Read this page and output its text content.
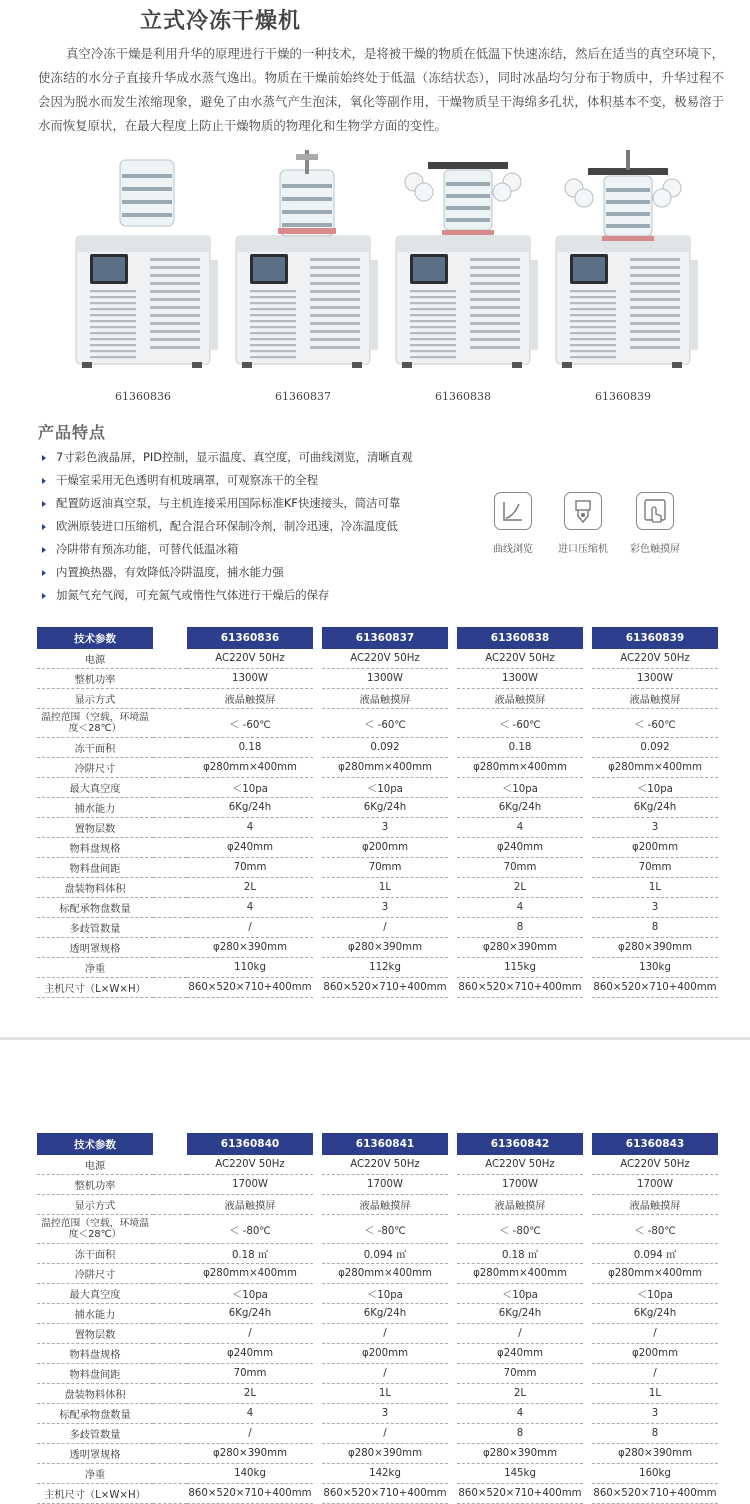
立式冷冻干燥机
真空冷冻干燥是利用升华的原理进行干燥的一种技术，是将被干燥的物质在低温下快速冻结，然后在适当的真空环境下，使冻结的水分子直接升华成水蒸气逸出。物质在干燥前始终处于低温（冻结状态），同时冰晶均匀分布于物质中，升华过程不会因为脱水而发生浓缩现象，避免了由水蒸气产生泡沫，氧化等副作用，干燥物质呈干海绵多孔状，体积基本不变，极易溶于水而恢复原状，在最大程度上防止干燥物质的物理化和生物学方面的变性。
61360836	61360837	61360838	61360839
产品特点
7寸彩色液晶屏，PID控制，显示温度、真空度，可曲线浏览，清晰直观
干燥室采用无色透明有机玻璃罩，可观察冻干的全程
配置防返油真空泵，与主机连接采用国际标准KF快速接头，简洁可靠
欧洲原装进口压缩机，配合混合环保制冷剂，制冷迅速，冷冻温度低
冷阱带有预冻功能，可替代低温冰箱
内置换热器，有效降低冷阱温度，捕水能力强
加氮气充气阀，可充氮气或惰性气体进行干燥后的保存
曲线浏览	进口压缩机	彩色触摸屏
技术参数		61360836		61360837		61360838		61360839
电源		AC220V 50Hz		AC220V 50Hz		AC220V 50Hz		AC220V 50Hz
整机功率		1300W		1300W		1300W		1300W
显示方式		液晶触摸屏		液晶触摸屏		液晶触摸屏		液晶触摸屏
温控范围（空载，环境温度＜28℃）		＜ -60℃		＜ -60℃		＜ -60℃		＜ -60℃
冻干面积		0.18		0.092		0.18		0.092
冷阱尺寸		φ280mm×400mm		φ280mm×400mm		φ280mm×400mm		φ280mm×400mm
最大真空度		＜10pa		＜10pa		＜10pa		＜10pa
捕水能力		6Kg/24h		6Kg/24h		6Kg/24h		6Kg/24h
置物层数		4		3		4		3
物料盘规格		φ240mm		φ200mm		φ240mm		φ200mm
物料盘间距		70mm		70mm		70mm		70mm
盘装物料体积		2L		1L		2L		1L
标配承物盘数量		4		3		4		3
多歧管数量		/		/		8		8
透明罩规格		φ280×390mm		φ280×390mm		φ280×390mm		φ280×390mm
净重		110kg		112kg		115kg		130kg
主机尺寸（L×W×H）		860×520×710+400mm		860×520×710+400mm		860×520×710+400mm		860×520×710+400mm
技术参数		61360840		61360841		61360842		61360843
电源		AC220V 50Hz		AC220V 50Hz		AC220V 50Hz		AC220V 50Hz
整机功率		1700W		1700W		1700W		1700W
显示方式		液晶触摸屏		液晶触摸屏		液晶触摸屏		液晶触摸屏
温控范围（空载，环境温度＜28℃）		＜ -80℃		＜ -80℃		＜ -80℃		＜ -80℃
冻干面积		0.18 ㎡		0.094 ㎡		0.18 ㎡		0.094 ㎡
冷阱尺寸		φ280mm×400mm		φ280mm×400mm		φ280mm×400mm		φ280mm×400mm
最大真空度		＜10pa		＜10pa		＜10pa		＜10pa
捕水能力		6Kg/24h		6Kg/24h		6Kg/24h		6Kg/24h
置物层数		/		/		/		/
物料盘规格		φ240mm		φ200mm		φ240mm		φ200mm
物料盘间距		70mm		/		70mm		/
盘装物料体积		2L		1L		2L		1L
标配承物盘数量		4		3		4		3
多歧管数量		/		/		8		8
透明罩规格		φ280×390mm		φ280×390mm		φ280×390mm		φ280×390mm
净重		140kg		142kg		145kg		160kg
主机尺寸（L×W×H）		860×520×710+400mm		860×520×710+400mm		860×520×710+400mm		860×520×710+400mm
